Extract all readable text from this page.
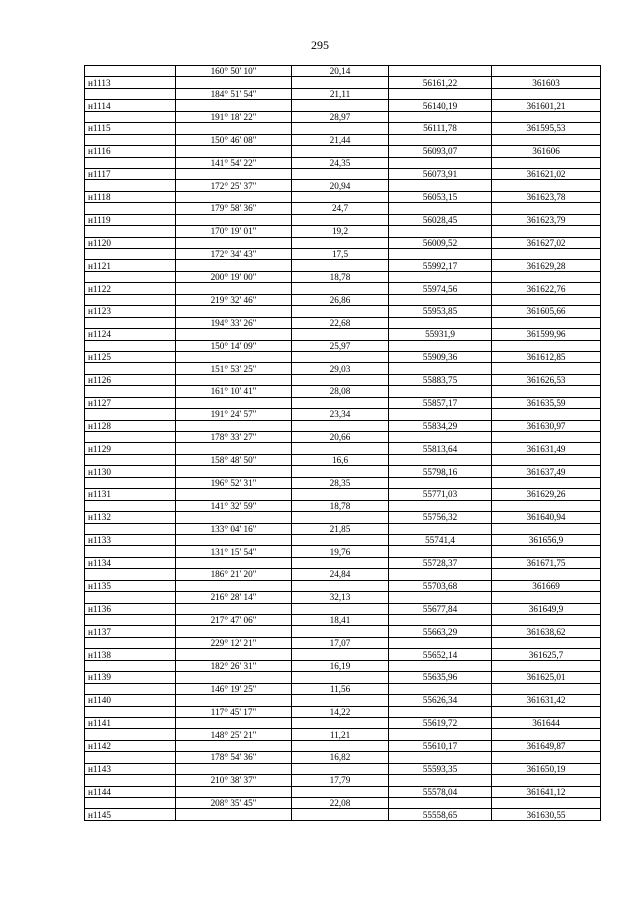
295
	160° 50' 10"	20,14		
н1113			56161,22	361603
	184° 51' 54"	21,11		
н1114			56140,19	361601,21
	191° 18' 22"	28,97		
н1115			56111,78	361595,53
	150° 46' 08"	21,44		
н1116			56093,07	361606
	141° 54' 22"	24,35		
н1117			56073,91	361621,02
	172° 25' 37"	20,94		
н1118			56053,15	361623,78
	179° 58' 36"	24,7		
н1119			56028,45	361623,79
	170° 19' 01"	19,2		
н1120			56009,52	361627,02
	172° 34' 43"	17,5		
н1121			55992,17	361629,28
	200° 19' 00"	18,78		
н1122			55974,56	361622,76
	219° 32' 46"	26,86		
н1123			55953,85	361605,66
	194° 33' 26"	22,68		
н1124			55931,9	361599,96
	150° 14' 09"	25,97		
н1125			55909,36	361612,85
	151° 53' 25"	29,03		
н1126			55883,75	361626,53
	161° 10' 41"	28,08		
н1127			55857,17	361635,59
	191° 24' 57"	23,34		
н1128			55834,29	361630,97
	178° 33' 27"	20,66		
н1129			55813,64	361631,49
	158° 48' 50"	16,6		
н1130			55798,16	361637,49
	196° 52' 31"	28,35		
н1131			55771,03	361629,26
	141° 32' 59"	18,78		
н1132			55756,32	361640,94
	133° 04' 16"	21,85		
н1133			55741,4	361656,9
	131° 15' 54"	19,76		
н1134			55728,37	361671,75
	186° 21' 20"	24,84		
н1135			55703,68	361669
	216° 28' 14"	32,13		
н1136			55677,84	361649,9
	217° 47' 06"	18,41		
н1137			55663,29	361638,62
	229° 12' 21"	17,07		
н1138			55652,14	361625,7
	182° 26' 31"	16,19		
н1139			55635,96	361625,01
	146° 19' 25"	11,56		
н1140			55626,34	361631,42
	117° 45' 17"	14,22		
н1141			55619,72	361644
	148° 25' 21"	11,21		
н1142			55610,17	361649,87
	178° 54' 36"	16,82		
н1143			55593,35	361650,19
	210° 38' 37"	17,79		
н1144			55578,04	361641,12
	208° 35' 45"	22,08		
н1145			55558,65	361630,55
